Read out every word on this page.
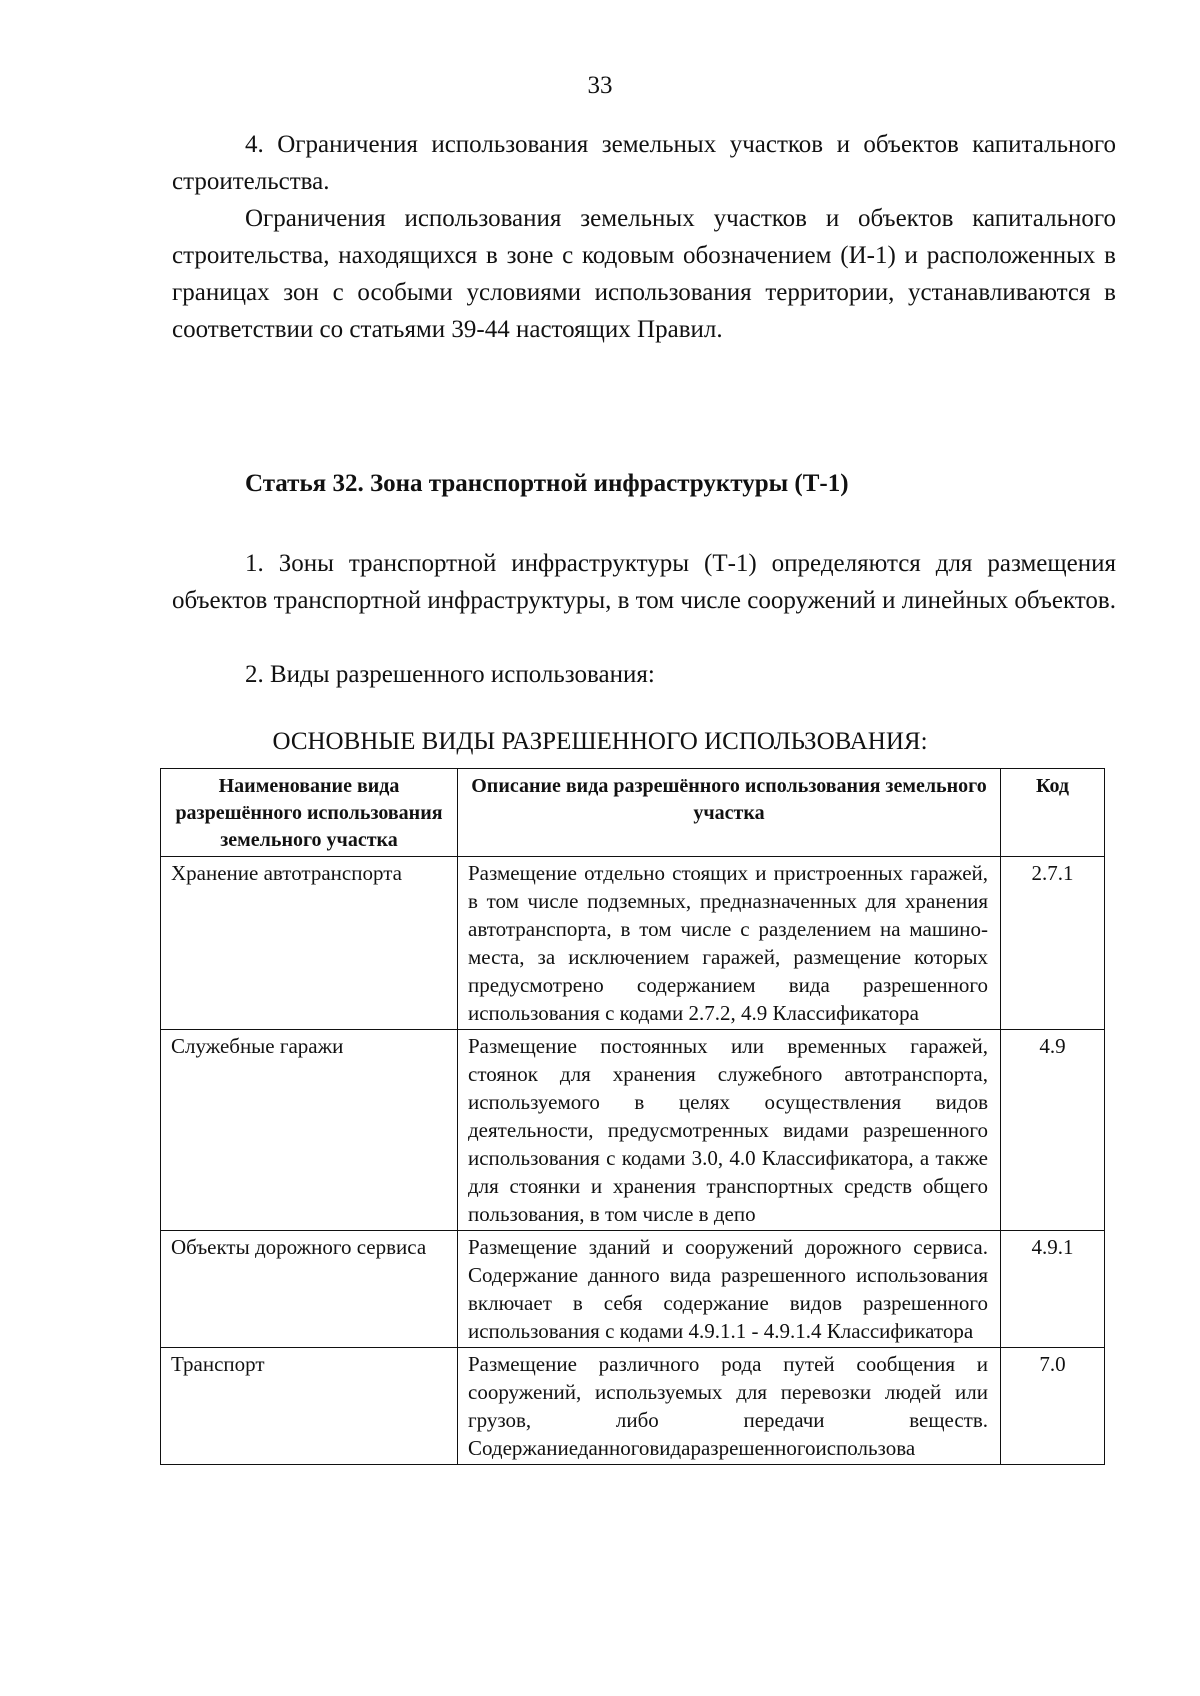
33

4. Ограничения использования земельных участков и объектов капитального строительства.

Ограничения использования земельных участков и объектов капитального строительства, находящихся в зоне с кодовым обозначением (И-1) и расположенных в границах зон с особыми условиями использования территории, устанавливаются в соответствии со статьями 39-44 настоящих Правил.

Статья 32. Зона транспортной инфраструктуры (Т-1)

1. Зоны транспортной инфраструктуры (Т-1) определяются для размещения объектов транспортной инфраструктуры, в том числе сооружений и линейных объектов.

2. Виды разрешенного использования:

ОСНОВНЫЕ ВИДЫ РАЗРЕШЕННОГО ИСПОЛЬЗОВАНИЯ:
Наименование вида разрешённого использования земельного участка	Описание вида разрешённого использования земельного участка	Код
Хранение автотранспорта	Размещение отдельно стоящих и пристроенных гаражей, в том числе подземных, предназначенных для хранения автотранспорта, в том числе с разделением на машино-места, за исключением гаражей, размещение которых предусмотрено содержанием вида разрешенного использования с кодами 2.7.2, 4.9 Классификатора	2.7.1
Служебные гаражи	Размещение постоянных или временных гаражей, стоянок для хранения служебного автотранспорта, используемого в целях осуществления видов деятельности, предусмотренных видами разрешенного использования с кодами 3.0, 4.0 Классификатора, а также для стоянки и хранения транспортных средств общего пользования, в том числе в депо	4.9
Объекты дорожного сервиса	Размещение зданий и сооружений дорожного сервиса. Содержание данного вида разрешенного использования включает в себя содержание видов разрешенного использования с кодами 4.9.1.1 - 4.9.1.4 Классификатора	4.9.1
Транспорт	Размещение различного рода путей сообщения и сооружений, используемых для перевозки людей или грузов, либо передачи веществ. Содержаниеданноговидаразрешенногоиспользова	7.0
